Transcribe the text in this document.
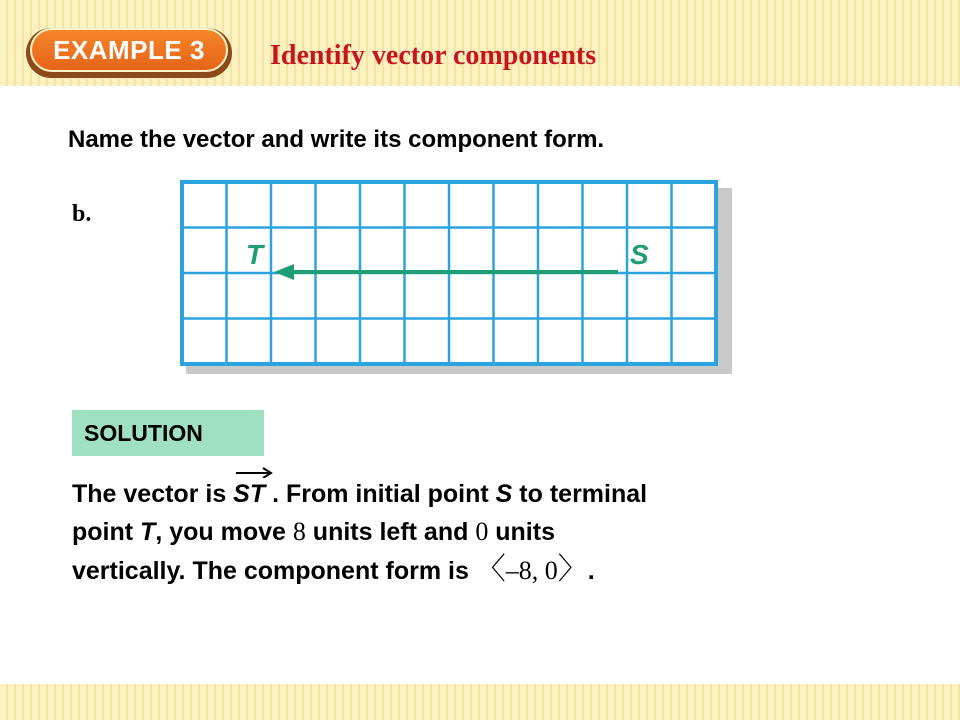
EXAMPLE 3	Identify vector components
Name the vector and write its component form.
b.
T	S
SOLUTION
The vector is
ST . From initial point S to terminal
point T, you move 8 units left and 0 units
vertically. The component form is 〈–8, 0〉.
